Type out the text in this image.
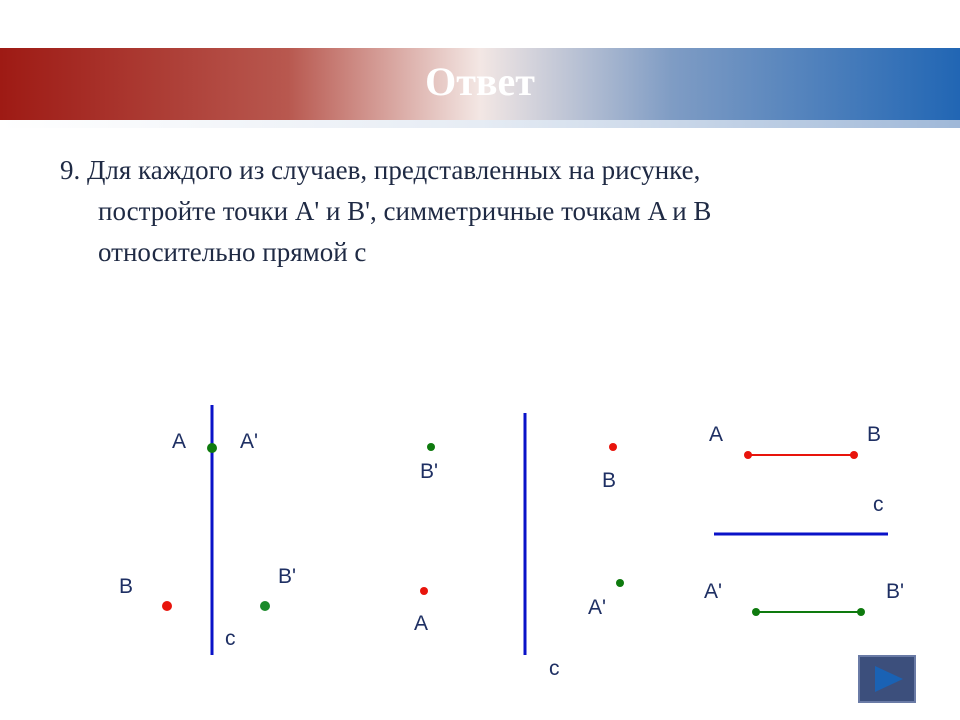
Ответ
9. Для каждого из случаев, представленных на рисунке,
постройте точки A' и B', симметричные точкам A и B
относительно прямой с
A	A'
B	B'
с
B'
A
B
A'
с
A	B
с
A'	B'
